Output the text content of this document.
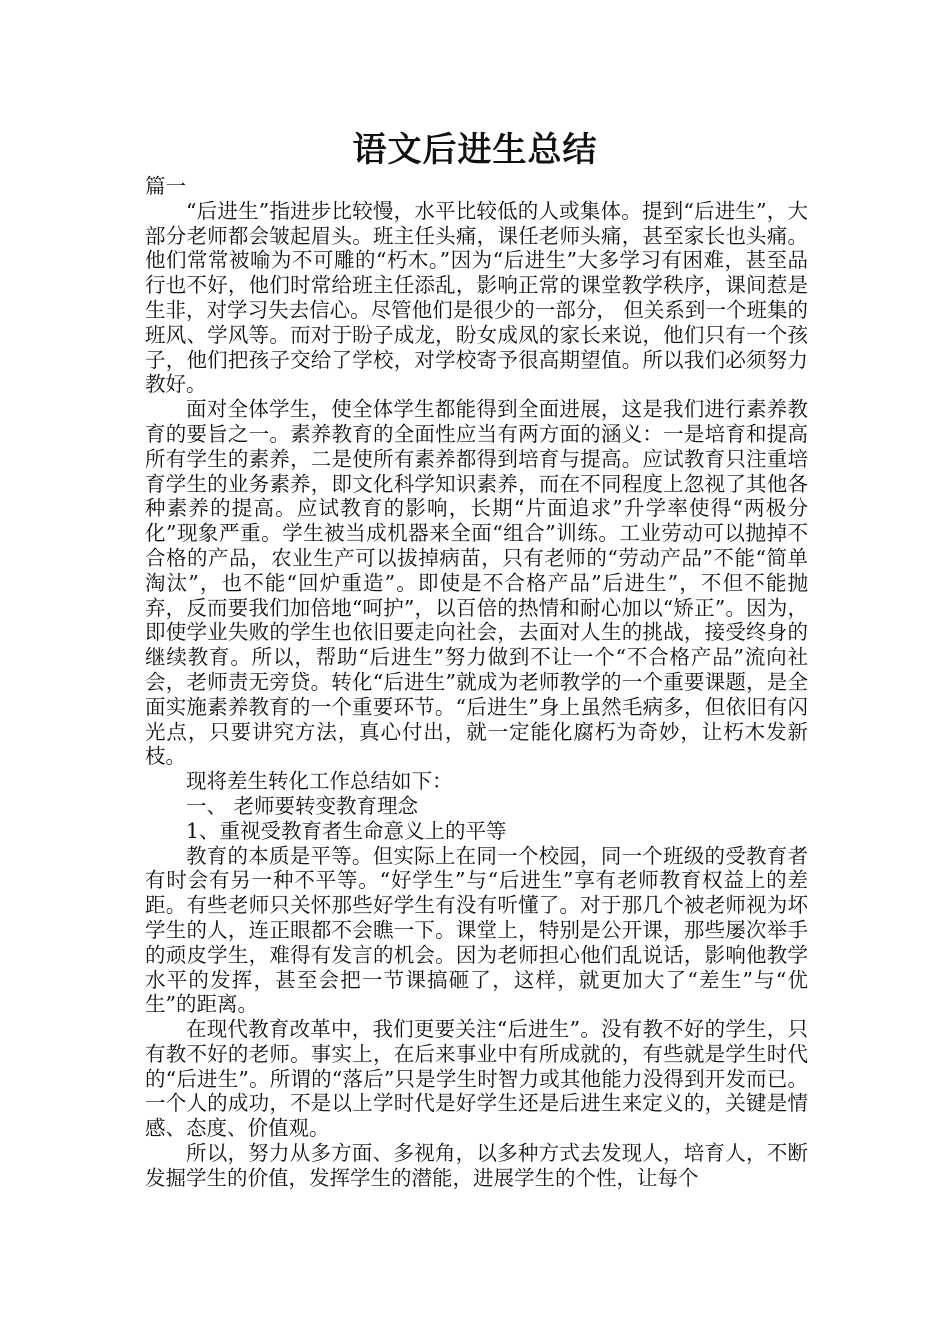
语文后进生总结

篇一

“后进生”指进步比较慢，水平比较低的人或集体。提到“后进生”，大部分老师都会皱起眉头。班主任头痛，课任老师头痛，甚至家长也头痛。他们常常被喻为不可雕的“朽木。”因为“后进生”大多学习有困难，甚至品行也不好，他们时常给班主任添乱，影响正常的课堂教学秩序，课间惹是生非，对学习失去信心。尽管他们是很少的一部分， 但关系到一个班集的班风、学风等。而对于盼子成龙，盼女成凤的家长来说，他们只有一个孩子，他们把孩子交给了学校，对学校寄予很高期望值。所以我们必须努力教好。

面对全体学生，使全体学生都能得到全面进展，这是我们进行素养教育的要旨之一。素养教育的全面性应当有两方面的涵义：一是培育和提高所有学生的素养，二是使所有素养都得到培育与提高。应试教育只注重培育学生的业务素养，即文化科学知识素养，而在不同程度上忽视了其他各种素养的提高。应试教育的影响，长期“片面追求”升学率使得“两极分化”现象严重。学生被当成机器来全面“组合”训练。工业劳动可以抛掉不合格的产品，农业生产可以拔掉病苗，只有老师的“劳动产品”不能“简单淘汰”，也不能“回炉重造”。即使是不合格产品”后进生”，不但不能抛弃，反而要我们加倍地“呵护”，以百倍的热情和耐心加以“矫正”。因为，即使学业失败的学生也依旧要走向社会，去面对人生的挑战，接受终身的继续教育。所以，帮助“后进生”努力做到不让一个“不合格产品”流向社会，老师责无旁贷。转化“后进生”就成为老师教学的一个重要课题，是全面实施素养教育的一个重要环节。“后进生”身上虽然毛病多，但依旧有闪光点，只要讲究方法，真心付出，就一定能化腐朽为奇妙，让朽木发新枝。

现将差生转化工作总结如下：

一、 老师要转变教育理念

1、重视受教育者生命意义上的平等

教育的本质是平等。但实际上在同一个校园，同一个班级的受教育者有时会有另一种不平等。“好学生”与“后进生”享有老师教育权益上的差距。有些老师只关怀那些好学生有没有听懂了。对于那几个被老师视为坏学生的人，连正眼都不会瞧一下。课堂上，特别是公开课，那些屡次举手的顽皮学生，难得有发言的机会。因为老师担心他们乱说话，影响他教学水平的发挥，甚至会把一节课搞砸了，这样，就更加大了“差生”与“优生”的距离。

在现代教育改革中，我们更要关注“后进生”。没有教不好的学生，只有教不好的老师。事实上，在后来事业中有所成就的，有些就是学生时代的“后进生”。所谓的“落后”只是学生时智力或其他能力没得到开发而已。一个人的成功，不是以上学时代是好学生还是后进生来定义的，关键是情感、态度、价值观。

所以，努力从多方面、多视角，以多种方式去发现人，培育人，不断发掘学生的价值，发挥学生的潜能，进展学生的个性，让每个
